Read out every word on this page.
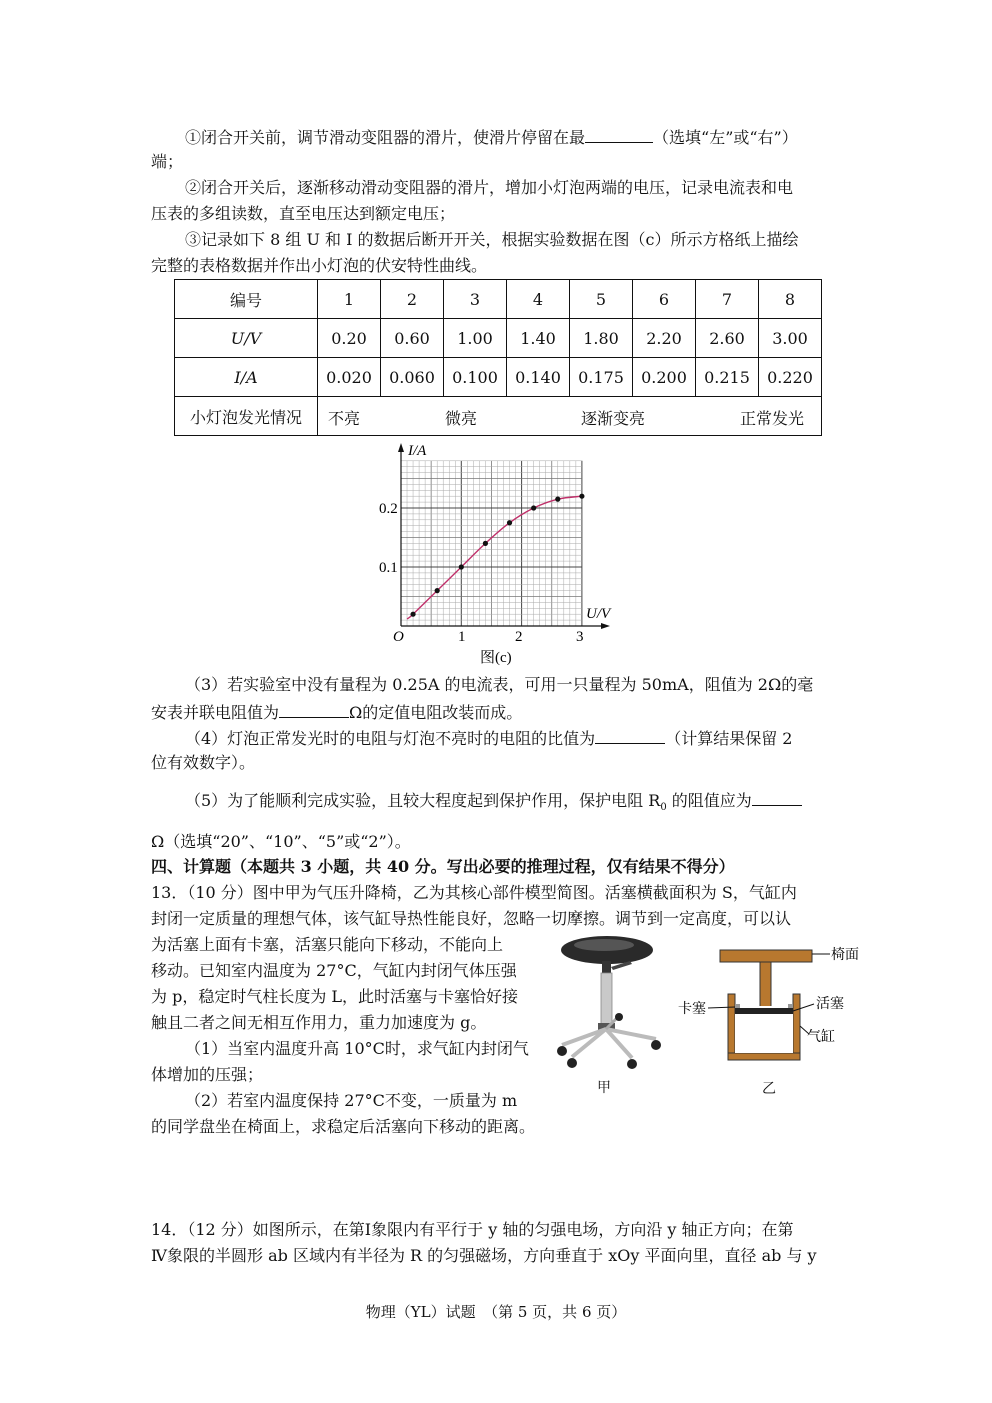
①闭合开关前，调节滑动变阻器的滑片，使滑片停留在最	（选填“左”或“右”）
端；
②闭合开关后，逐渐移动滑动变阻器的滑片，增加小灯泡两端的电压，记录电流表和电
压表的多组读数，直至电压达到额定电压；
③记录如下 8 组 U 和 I 的数据后断开开关，根据实验数据在图（c）所示方格纸上描绘
完整的表格数据并作出小灯泡的伏安特性曲线。
编号	1	2	3	4	5	6	7	8
U/V	0.20	0.60	1.00	1.40	1.80	2.20	2.60	3.00
I/A	0.020	0.060	0.100	0.140	0.175	0.200	0.215	0.220
小灯泡发光情况	不亮 微亮 逐渐变亮 正常发光							
I/A
U/V
O	1	2	3
0.1
0.2
图(c)
（3）若实验室中没有量程为 0.25A 的电流表，可用一只量程为 50mA，阻值为 2Ω的毫
安表并联电阻值为	Ω的定值电阻改装而成。
（4）灯泡正常发光时的电阻与灯泡不亮时的电阻的比值为	（计算结果保留 2
位有效数字）。
（5）为了能顺利完成实验，且较大程度起到保护作用，保护电阻 $R_0$ 的阻值应为
Ω（选填“20”、“10”、“5”或“2”）。
四、计算题（本题共 3 小题，共 40 分。写出必要的推理过程，仅有结果不得分）
13．（10 分）图中甲为气压升降椅，乙为其核心部件模型简图。活塞横截面积为 S，气缸内
封闭一定质量的理想气体，该气缸导热性能良好，忽略一切摩擦。调节到一定高度，可以认
为活塞上面有卡塞，活塞只能向下移动，不能向上
移动。已知室内温度为 27°C，气缸内封闭气体压强
为 p，稳定时气柱长度为 L，此时活塞与卡塞恰好接
触且二者之间无相互作用力，重力加速度为 g。
（1）当室内温度升高 10°C时，求气缸内封闭气
体增加的压强；
（2）若室内温度保持 27°C不变，一质量为 m
的同学盘坐在椅面上，求稳定后活塞向下移动的距离。
甲
椅面
卡塞	活塞
气缸
乙
14．（12 分）如图所示，在第Ⅰ象限内有平行于 y 轴的匀强电场，方向沿 y 轴正方向；在第
Ⅳ象限的半圆形 ab 区域内有半径为 R 的匀强磁场，方向垂直于 xOy 平面向里，直径 ab 与 y
物理（YL）试题　（第 5 页，共 6 页）
